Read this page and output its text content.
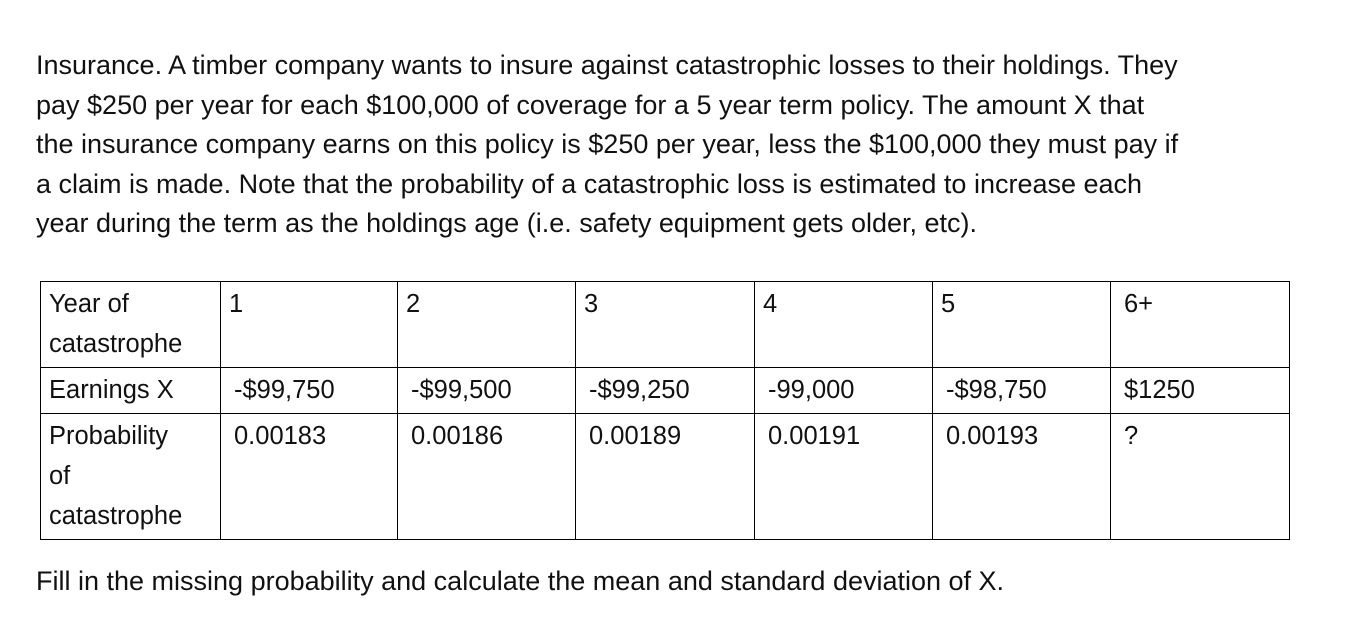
Insurance. A timber company wants to insure against catastrophic losses to their holdings. They
pay $250 per year for each $100,000 of coverage for a 5 year term policy. The amount X that
the insurance company earns on this policy is $250 per year, less the $100,000 they must pay if
a claim is made. Note that the probability of a catastrophic loss is estimated to increase each
year during the term as the holdings age (i.e. safety equipment gets older, etc).
Year of
catastrophe	1	2	3	4	5	6+

Earnings X	-$99,750	-$99,500	-$99,250	-99,000	-$98,750	$1250

Probability
of
catastrophe	0.00183	0.00186	0.00189	0.00191	0.00193	?

Fill in the missing probability and calculate the mean and standard deviation of X.
